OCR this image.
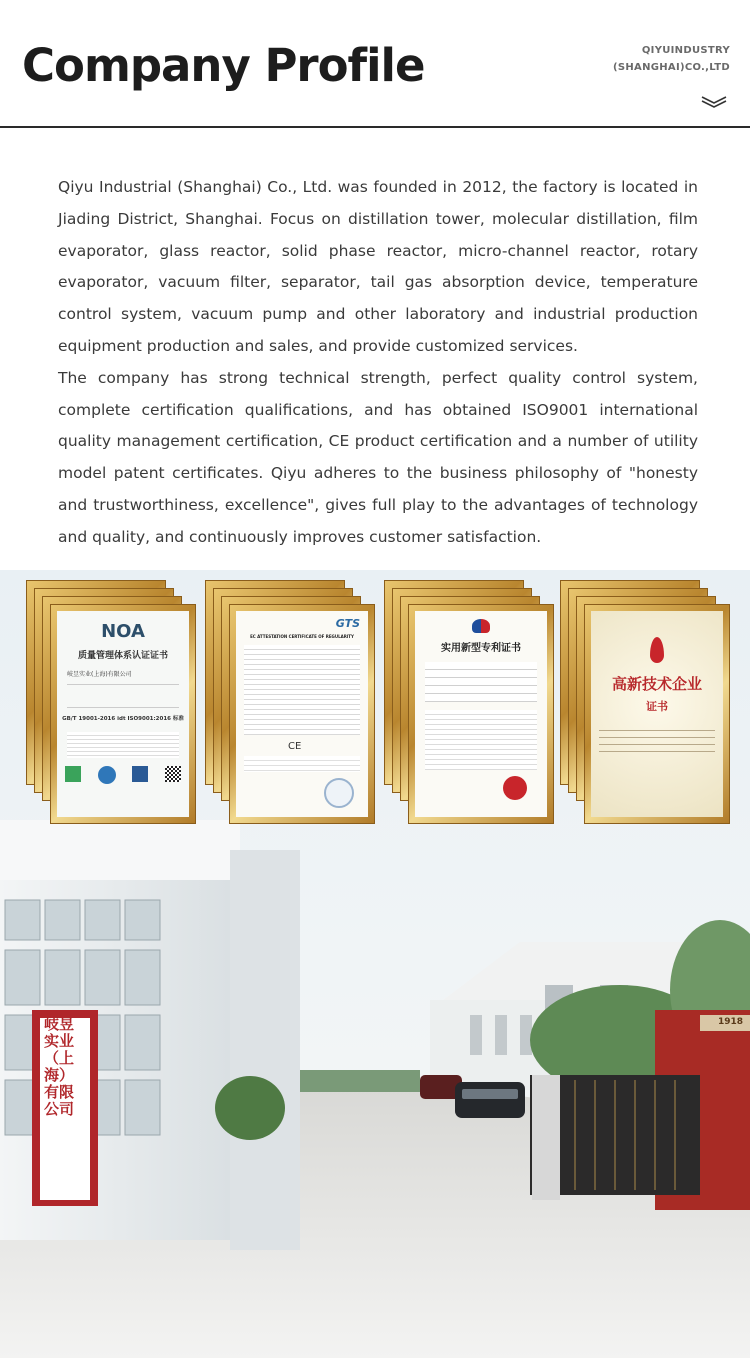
Company Profile	QIYUINDUSTRY
(SHANGHAI)CO.,LTD

Qiyu Industrial (Shanghai) Co., Ltd. was founded in 2012, the factory is located in Jiading District, Shanghai. Focus on distillation tower, molecular distillation, film evaporator, glass reactor, solid phase reactor, micro-channel reactor, rotary evaporator, vacuum filter, separator, tail gas absorption device, temperature control system, vacuum pump and other laboratory and industrial production equipment production and sales, and provide customized services.

The company has strong technical strength, perfect quality control system, complete certification qualifications, and has obtained ISO9001 international quality management certification, CE product certification and a number of utility model patent certificates. Qiyu adheres to the business philosophy of "honesty and trustworthiness, excellence", gives full play to the advantages of technology and quality, and continuously improves customer satisfaction.

岐昱实业（上海）有限公司
1918
NOA
质量管理体系认证证书
岐昱实业(上海)有限公司
GB/T 19001-2016 idt ISO9001:2016 标准
GTS
EC ATTESTATION CERTIFICATE OF REGULARITY
CE
实用新型专利证书
高新技术企业
证书
